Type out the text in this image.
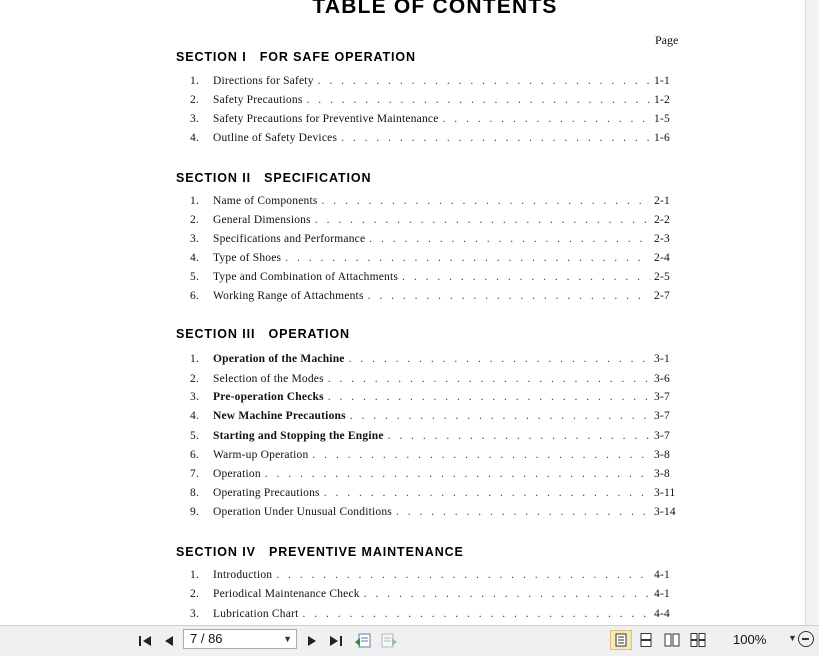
TABLE OF CONTENTS
Page
SECTION I   FOR SAFE OPERATION
1.	Directions for Safety . . .	1-1
2.	Safety Precautions . . .	1-2
3.	Safety Precautions for Preventive Maintenance . . .	1-5
4.	Outline of Safety Devices . . .	1-6
SECTION II   SPECIFICATION
1.	Name of Components . . .	2-1
2.	General Dimensions . . .	2-2
3.	Specifications and Performance . . .	2-3
4.	Type of Shoes . . .	2-4
5.	Type and Combination of Attachments . . .	2-5
6.	Working Range of Attachments . . .	2-7
SECTION III   OPERATION
1.	Operation of the Machine . . .	3-1
2.	Selection of the Modes . . .	3-6
3.	Pre-operation Checks . . .	3-7
4.	New Machine Precautions . . .	3-7
5.	Starting and Stopping the Engine . . .	3-7
6.	Warm-up Operation . . .	3-8
7.	Operation . . .	3-8
8.	Operating Precautions . . .	3-11
9.	Operation Under Unusual Conditions . . .	3-14
SECTION IV   PREVENTIVE MAINTENANCE
1.	Introduction . . .	4-1
2.	Periodical Maintenance Check . . .	4-1
3.	Lubrication Chart . . .	4-4
7 / 86	▼	100% ▼
